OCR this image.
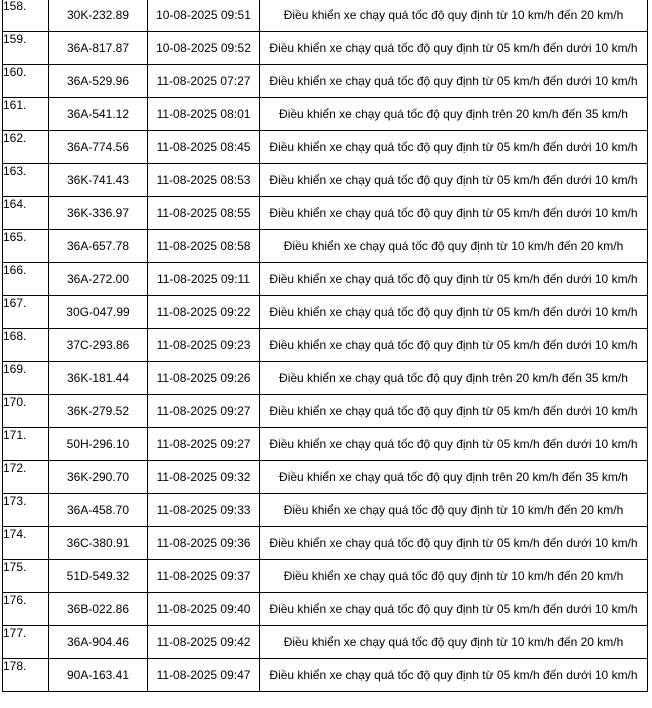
158.	30K-232.89	10-08-2025 09:51	Điều khiển xe chạy quá tốc độ quy định từ 10 km/h đến 20 km/h
159.	36A-817.87	10-08-2025 09:52	Điều khiển xe chạy quá tốc độ quy định từ 05 km/h đến dưới 10 km/h
160.	36A-529.96	11-08-2025 07:27	Điều khiển xe chạy quá tốc độ quy định từ 05 km/h đến dưới 10 km/h
161.	36A-541.12	11-08-2025 08:01	Điều khiển xe chạy quá tốc độ quy định trên 20 km/h đến 35 km/h
162.	36A-774.56	11-08-2025 08:45	Điều khiển xe chạy quá tốc độ quy định từ 05 km/h đến dưới 10 km/h
163.	36K-741.43	11-08-2025 08:53	Điều khiển xe chạy quá tốc độ quy định từ 05 km/h đến dưới 10 km/h
164.	36K-336.97	11-08-2025 08:55	Điều khiển xe chạy quá tốc độ quy định từ 05 km/h đến dưới 10 km/h
165.	36A-657.78	11-08-2025 08:58	Điều khiển xe chạy quá tốc độ quy định từ 10 km/h đến 20 km/h
166.	36A-272.00	11-08-2025 09:11	Điều khiển xe chạy quá tốc độ quy định từ 05 km/h đến dưới 10 km/h
167.	30G-047.99	11-08-2025 09:22	Điều khiển xe chạy quá tốc độ quy định từ 05 km/h đến dưới 10 km/h
168.	37C-293.86	11-08-2025 09:23	Điều khiển xe chạy quá tốc độ quy định từ 05 km/h đến dưới 10 km/h
169.	36K-181.44	11-08-2025 09:26	Điều khiển xe chạy quá tốc độ quy định trên 20 km/h đến 35 km/h
170.	36K-279.52	11-08-2025 09:27	Điều khiển xe chạy quá tốc độ quy định từ 05 km/h đến dưới 10 km/h
171.	50H-296.10	11-08-2025 09:27	Điều khiển xe chạy quá tốc độ quy định từ 05 km/h đến dưới 10 km/h
172.	36K-290.70	11-08-2025 09:32	Điều khiển xe chạy quá tốc độ quy định trên 20 km/h đến 35 km/h
173.	36A-458.70	11-08-2025 09:33	Điều khiển xe chạy quá tốc độ quy định từ 10 km/h đến 20 km/h
174.	36C-380.91	11-08-2025 09:36	Điều khiển xe chạy quá tốc độ quy định từ 05 km/h đến dưới 10 km/h
175.	51D-549.32	11-08-2025 09:37	Điều khiển xe chạy quá tốc độ quy định từ 10 km/h đến 20 km/h
176.	36B-022.86	11-08-2025 09:40	Điều khiển xe chạy quá tốc độ quy định từ 05 km/h đến dưới 10 km/h
177.	36A-904.46	11-08-2025 09:42	Điều khiển xe chạy quá tốc độ quy định từ 10 km/h đến 20 km/h
178.	90A-163.41	11-08-2025 09:47	Điều khiển xe chạy quá tốc độ quy định từ 05 km/h đến dưới 10 km/h
